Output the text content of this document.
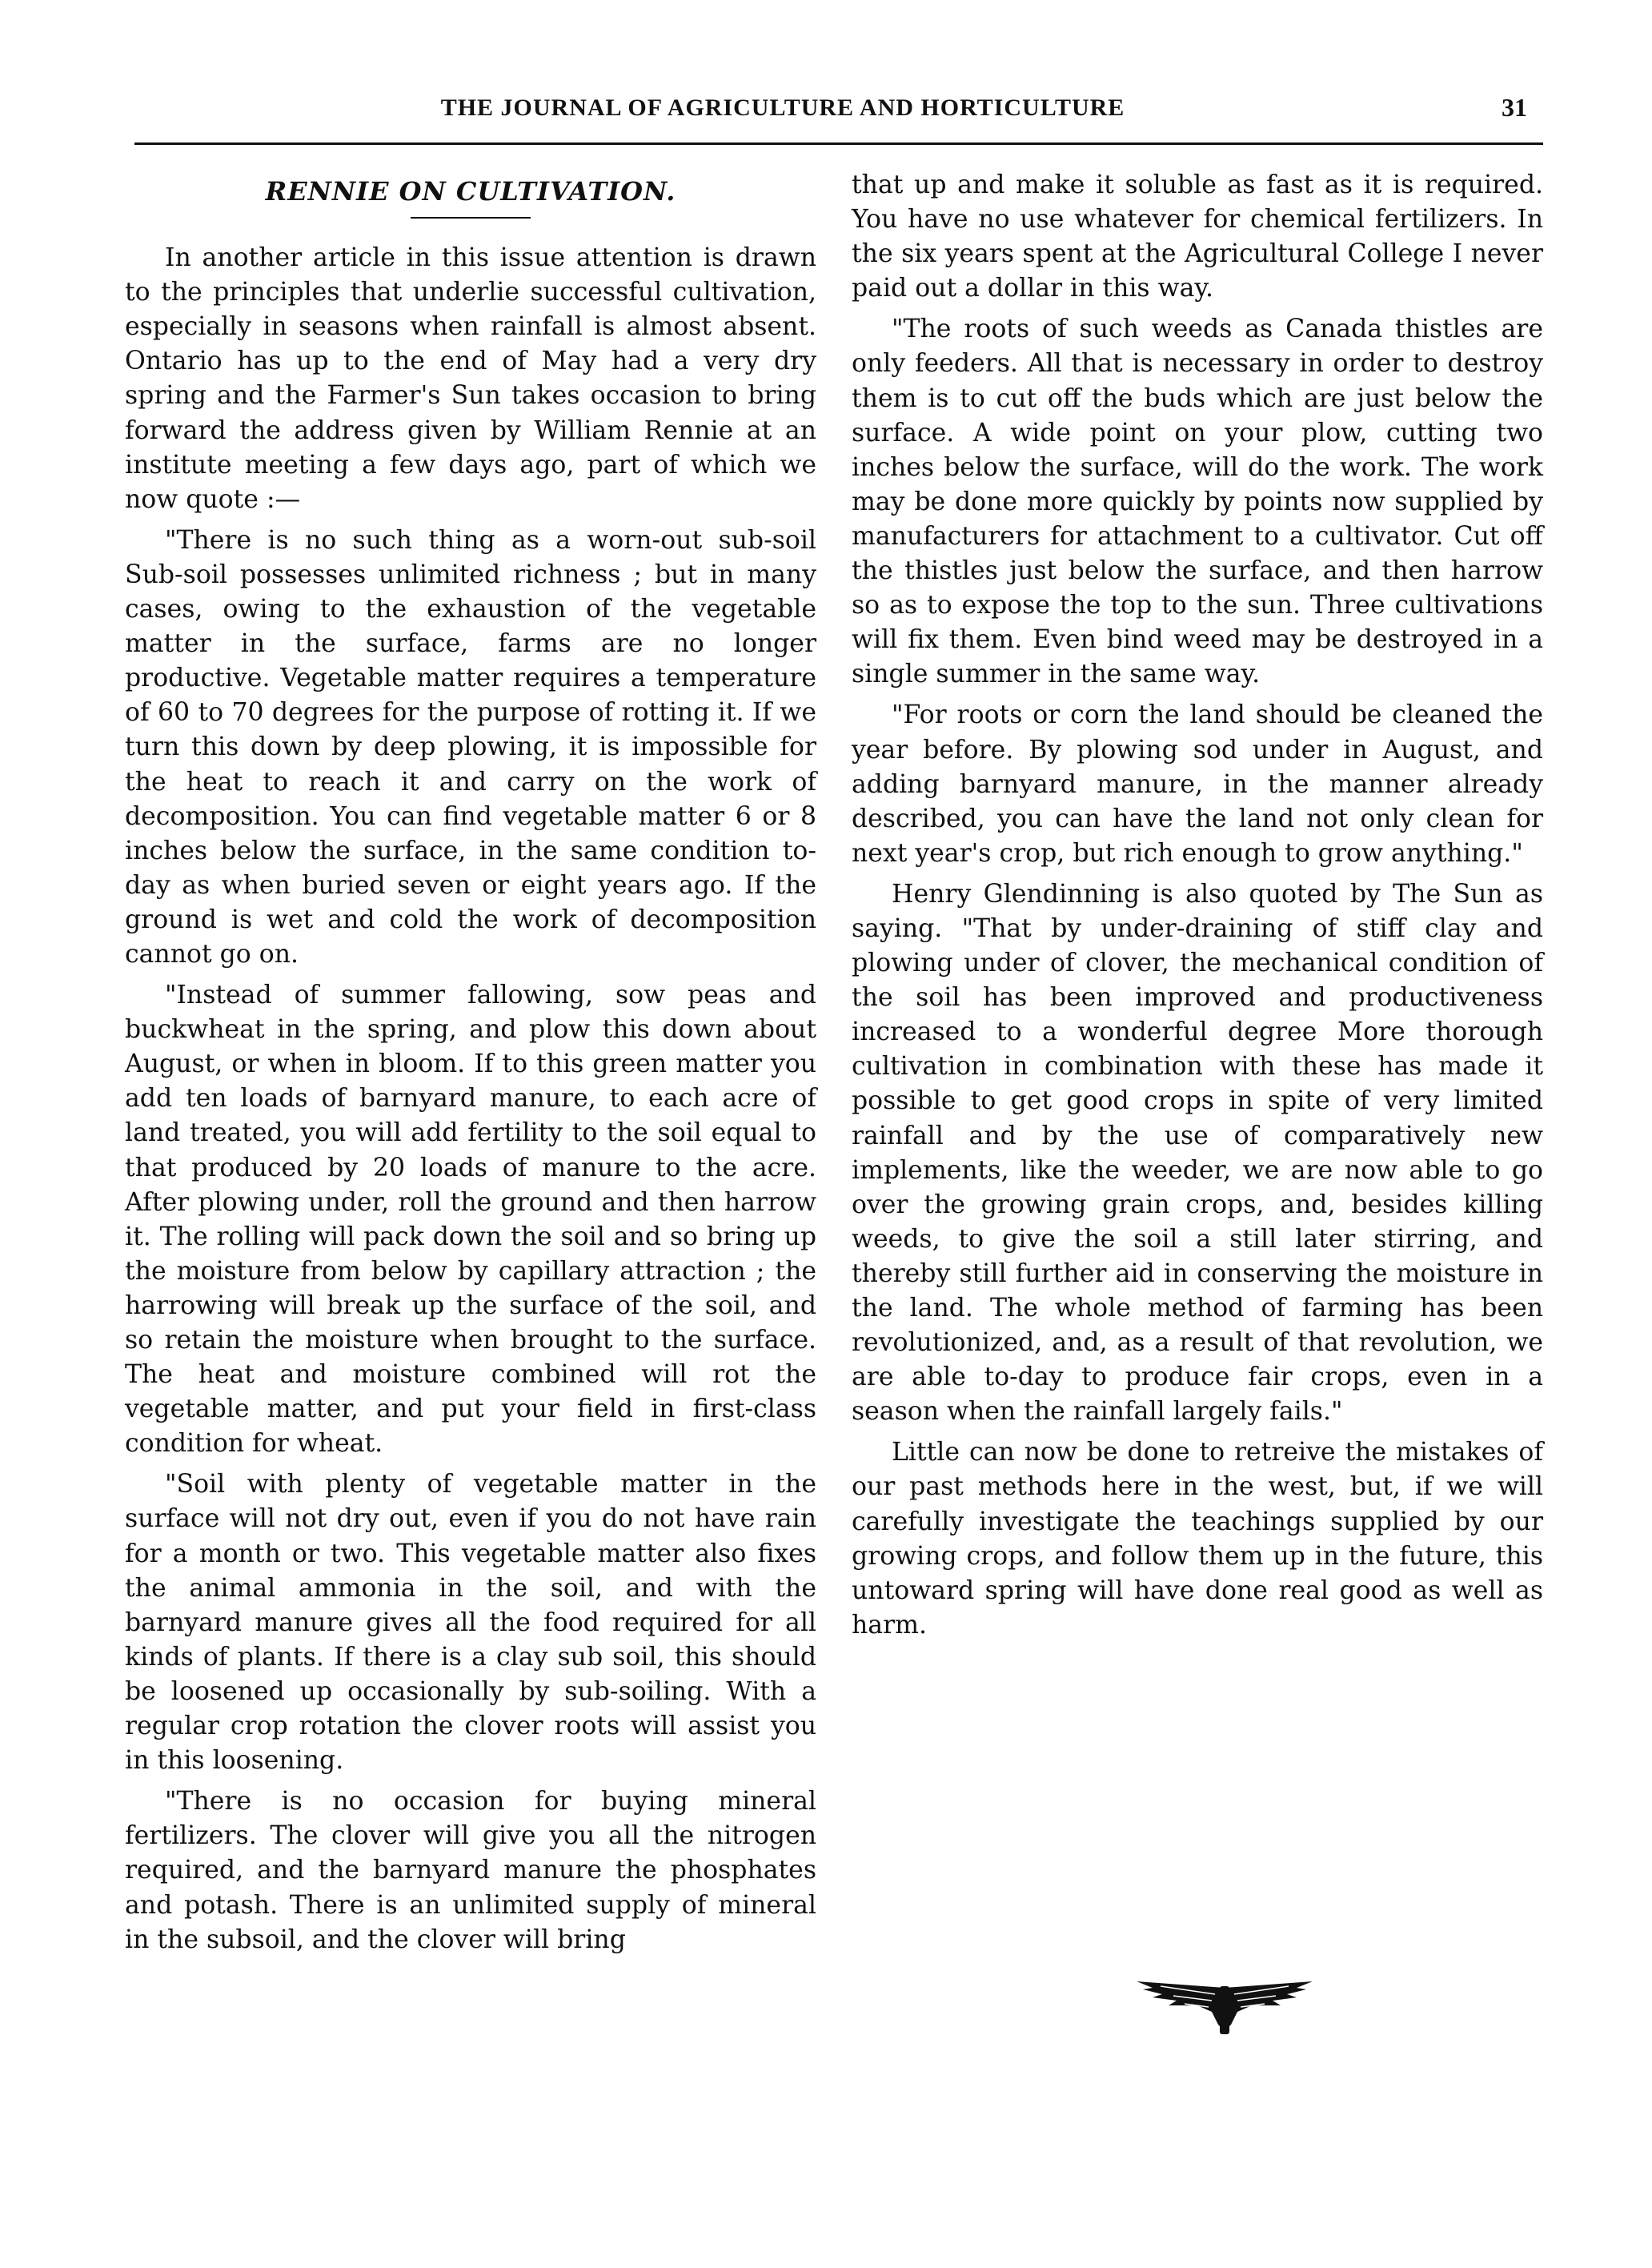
THE JOURNAL OF AGRICULTURE AND HORTICULTURE	31
RENNIE ON CULTIVATION.

In another article in this issue attention is drawn to the principles that underlie successful cultivation, especially in seasons when rainfall is almost absent. Ontario has up to the end of May had a very dry spring and the Farmer's Sun takes occasion to bring forward the address given by William Rennie at an institute meeting a few days ago, part of which we now quote :—

"There is no such thing as a worn-out sub-soil Sub-soil possesses unlimited richness ; but in many cases, owing to the exhaustion of the vegetable matter in the surface, farms are no longer productive. Vegetable matter requires a temperature of 60 to 70 degrees for the purpose of rotting it. If we turn this down by deep plowing, it is impossible for the heat to reach it and carry on the work of decomposition. You can find vegetable matter 6 or 8 inches below the surface, in the same condition to-day as when buried seven or eight years ago. If the ground is wet and cold the work of decomposition cannot go on.

"Instead of summer fallowing, sow peas and buckwheat in the spring, and plow this down about August, or when in bloom. If to this green matter you add ten loads of barnyard manure, to each acre of land treated, you will add fertility to the soil equal to that produced by 20 loads of manure to the acre. After plowing under, roll the ground and then harrow it. The rolling will pack down the soil and so bring up the moisture from below by capillary attraction ; the harrowing will break up the surface of the soil, and so retain the moisture when brought to the surface. The heat and moisture combined will rot the vegetable matter, and put your field in first-class condition for wheat.

"Soil with plenty of vegetable matter in the surface will not dry out, even if you do not have rain for a month or two. This vegetable matter also fixes the animal ammonia in the soil, and with the barnyard manure gives all the food required for all kinds of plants. If there is a clay sub soil, this should be loosened up occasionally by sub-soiling. With a regular crop rotation the clover roots will assist you in this loosening.

"There is no occasion for buying mineral fertilizers. The clover will give you all the nitrogen required, and the barnyard manure the phosphates and potash. There is an unlimited supply of mineral in the subsoil, and the clover will bring

that up and make it soluble as fast as it is required. You have no use whatever for chemical fertilizers. In the six years spent at the Agricultural College I never paid out a dollar in this way.

"The roots of such weeds as Canada thistles are only feeders. All that is necessary in order to destroy them is to cut off the buds which are just below the surface. A wide point on your plow, cutting two inches below the surface, will do the work. The work may be done more quickly by points now supplied by manufacturers for attachment to a cultivator. Cut off the thistles just below the surface, and then harrow so as to expose the top to the sun. Three cultivations will fix them. Even bind weed may be destroyed in a single summer in the same way.

"For roots or corn the land should be cleaned the year before. By plowing sod under in August, and adding barnyard manure, in the manner already described, you can have the land not only clean for next year's crop, but rich enough to grow anything."

Henry Glendinning is also quoted by The Sun as saying. "That by under-draining of stiff clay and plowing under of clover, the mechanical condition of the soil has been improved and productiveness increased to a wonderful degree More thorough cultivation in combination with these has made it possible to get good crops in spite of very limited rainfall and by the use of comparatively new implements, like the weeder, we are now able to go over the growing grain crops, and, besides killing weeds, to give the soil a still later stirring, and thereby still further aid in conserving the moisture in the land. The whole method of farming has been revolutionized, and, as a result of that revolution, we are able to-day to produce fair crops, even in a season when the rainfall largely fails."

Little can now be done to retreive the mistakes of our past methods here in the west, but, if we will carefully investigate the teachings supplied by our growing crops, and follow them up in the future, this untoward spring will have done real good as well as harm.
